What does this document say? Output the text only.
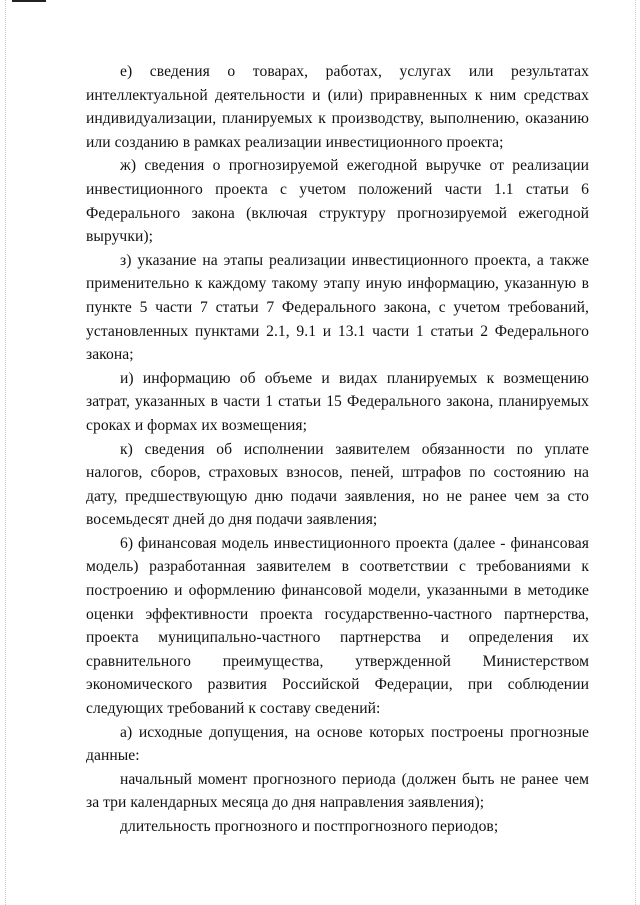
е) сведения о товарах, работах, услугах или результатах интеллектуальной деятельности и (или) приравненных к ним средствах индивидуализации, планируемых к производству, выполнению, оказанию или созданию в рамках реализации инвестиционного проекта;

ж) сведения о прогнозируемой ежегодной выручке от реализации инвестиционного проекта с учетом положений части 1.1 статьи 6 Федерального закона (включая структуру прогнозируемой ежегодной выручки);

з) указание на этапы реализации инвестиционного проекта, а также применительно к каждому такому этапу иную информацию, указанную в пункте 5 части 7 статьи 7 Федерального закона, с учетом требований, установленных пунктами 2.1, 9.1 и 13.1 части 1 статьи 2 Федерального закона;

и) информацию об объеме и видах планируемых к возмещению затрат, указанных в части 1 статьи 15 Федерального закона, планируемых сроках и формах их возмещения;

к) сведения об исполнении заявителем обязанности по уплате налогов, сборов, страховых взносов, пеней, штрафов по состоянию на дату, предшествующую дню подачи заявления, но не ранее чем за сто восемьдесят дней до дня подачи заявления;

6) финансовая модель инвестиционного проекта (далее - финансовая модель) разработанная заявителем в соответствии с требованиями к построению и оформлению финансовой модели, указанными в методике оценки эффективности проекта государственно-частного партнерства, проекта муниципально-частного партнерства и определения их сравнительного преимущества, утвержденной Министерством экономического развития Российской Федерации, при соблюдении следующих требований к составу сведений:

а) исходные допущения, на основе которых построены прогнозные данные:

начальный момент прогнозного периода (должен быть не ранее чем за три календарных месяца до дня направления заявления);

длительность прогнозного и постпрогнозного периодов;
